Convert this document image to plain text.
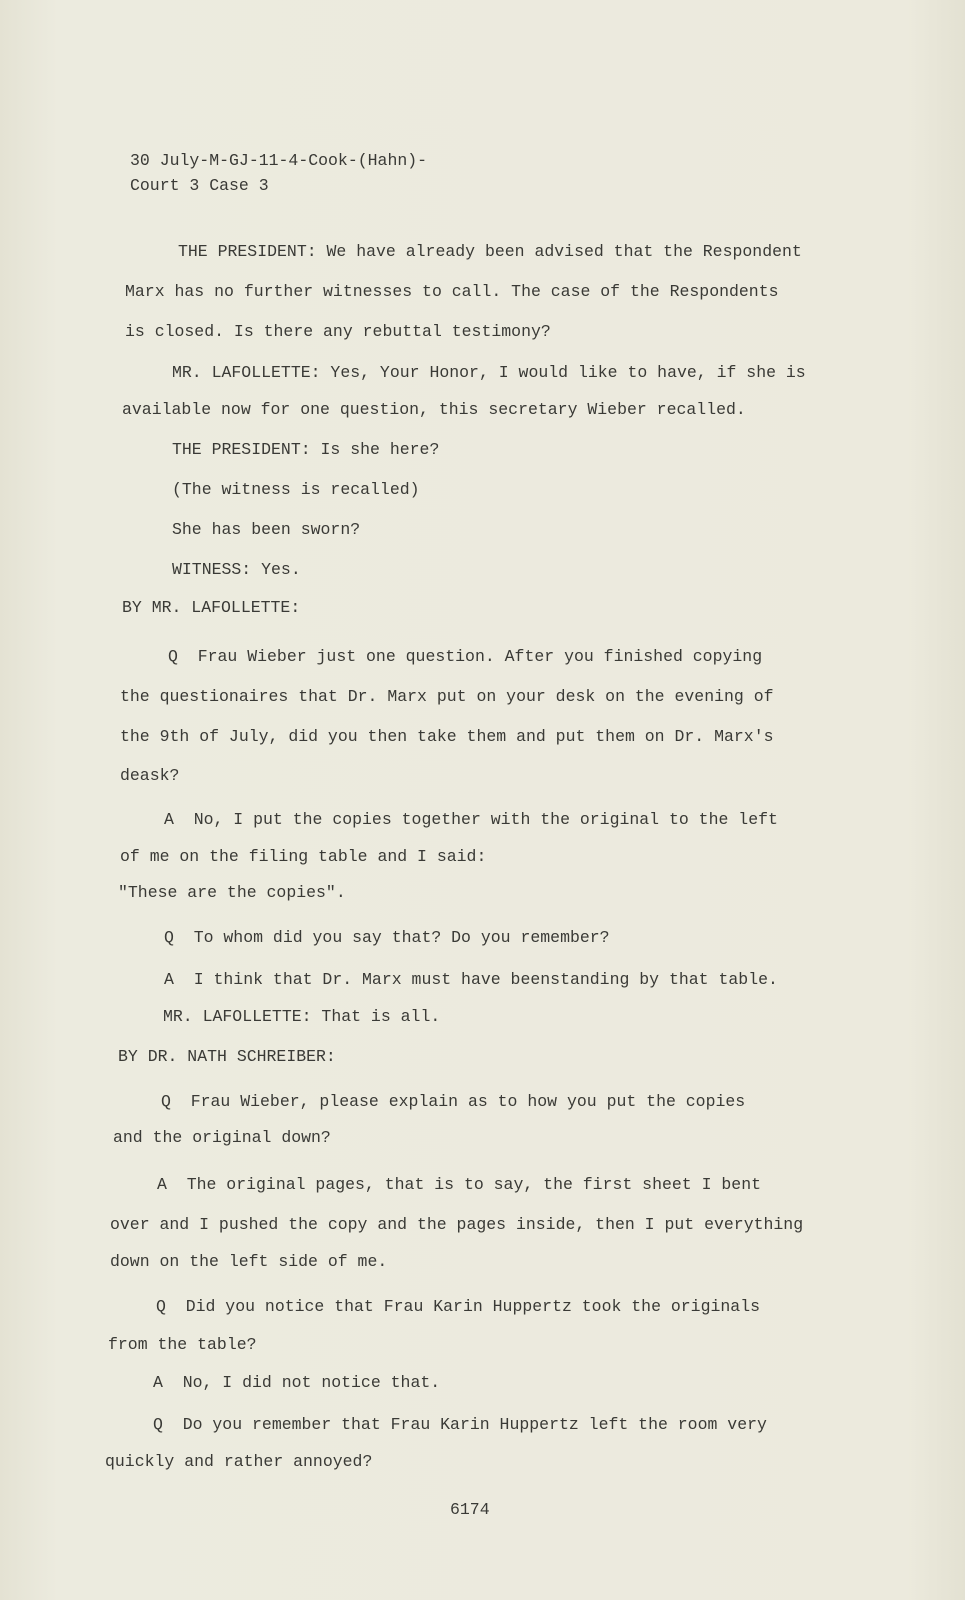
30 July-M-GJ-11-4-Cook-(Hahn)-
Court 3 Case 3
THE PRESIDENT: We have already been advised that the Respondent
Marx has no further witnesses to call. The case of the Respondents
is closed. Is there any rebuttal testimony?
MR. LAFOLLETTE: Yes, Your Honor, I would like to have, if she is
available now for one question, this secretary Wieber recalled.
THE PRESIDENT: Is she here?
(The witness is recalled)
She has been sworn?
WITNESS: Yes.
BY MR. LAFOLLETTE:
Q  Frau Wieber just one question. After you finished copying
the questionaires that Dr. Marx put on your desk on the evening of
the 9th of July, did you then take them and put them on Dr. Marx's
deask?
A  No, I put the copies together with the original to the left
of me on the filing table and I said:
"These are the copies".
Q  To whom did you say that? Do you remember?
A  I think that Dr. Marx must have beenstanding by that table.
MR. LAFOLLETTE: That is all.
BY DR. NATH SCHREIBER:
Q  Frau Wieber, please explain as to how you put the copies
and the original down?
A  The original pages, that is to say, the first sheet I bent
over and I pushed the copy and the pages inside, then I put everything
down on the left side of me.
Q  Did you notice that Frau Karin Huppertz took the originals
from the table?
A  No, I did not notice that.
Q  Do you remember that Frau Karin Huppertz left the room very
quickly and rather annoyed?
6174
